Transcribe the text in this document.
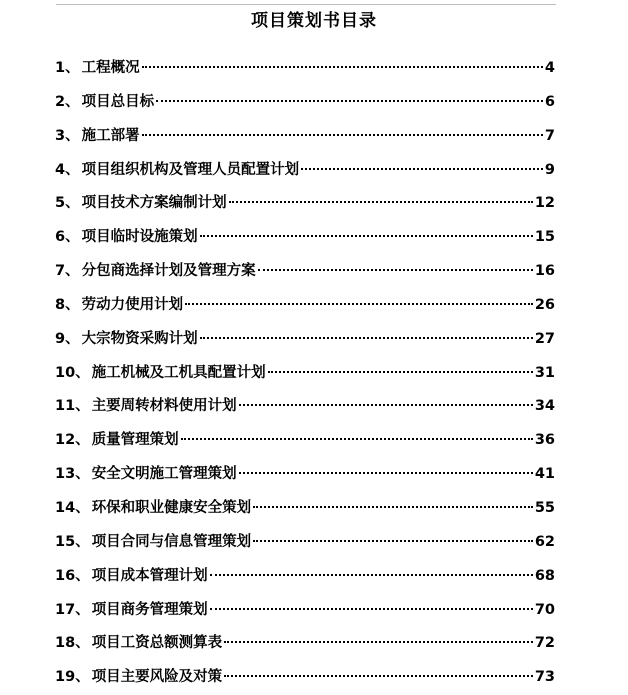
项目策划书目录
1 、 工程概况	4
2 、 项目总目标	6
3 、 施工部署	7
4 、 项目组织机构及管理人员配置计划	9
5 、 项目技术方案编制计划	12
6 、 项目临时设施策划	15
7 、 分包商选择计划及管理方案	16
8 、 劳动力使用计划	26
9 、 大宗物资采购计划	27
10 、 施工机械及工机具配置计划	31
11 、 主要周转材料使用计划	34
12 、 质量管理策划	36
13 、 安全文明施工管理策划	41
14 、 环保和职业健康安全策划	55
15 、 项目合同与信息管理策划	62
16 、 项目成本管理计划	68
17 、 项目商务管理策划	70
18 、 项目工资总额测算表	72
19 、 项目主要风险及对策	73
